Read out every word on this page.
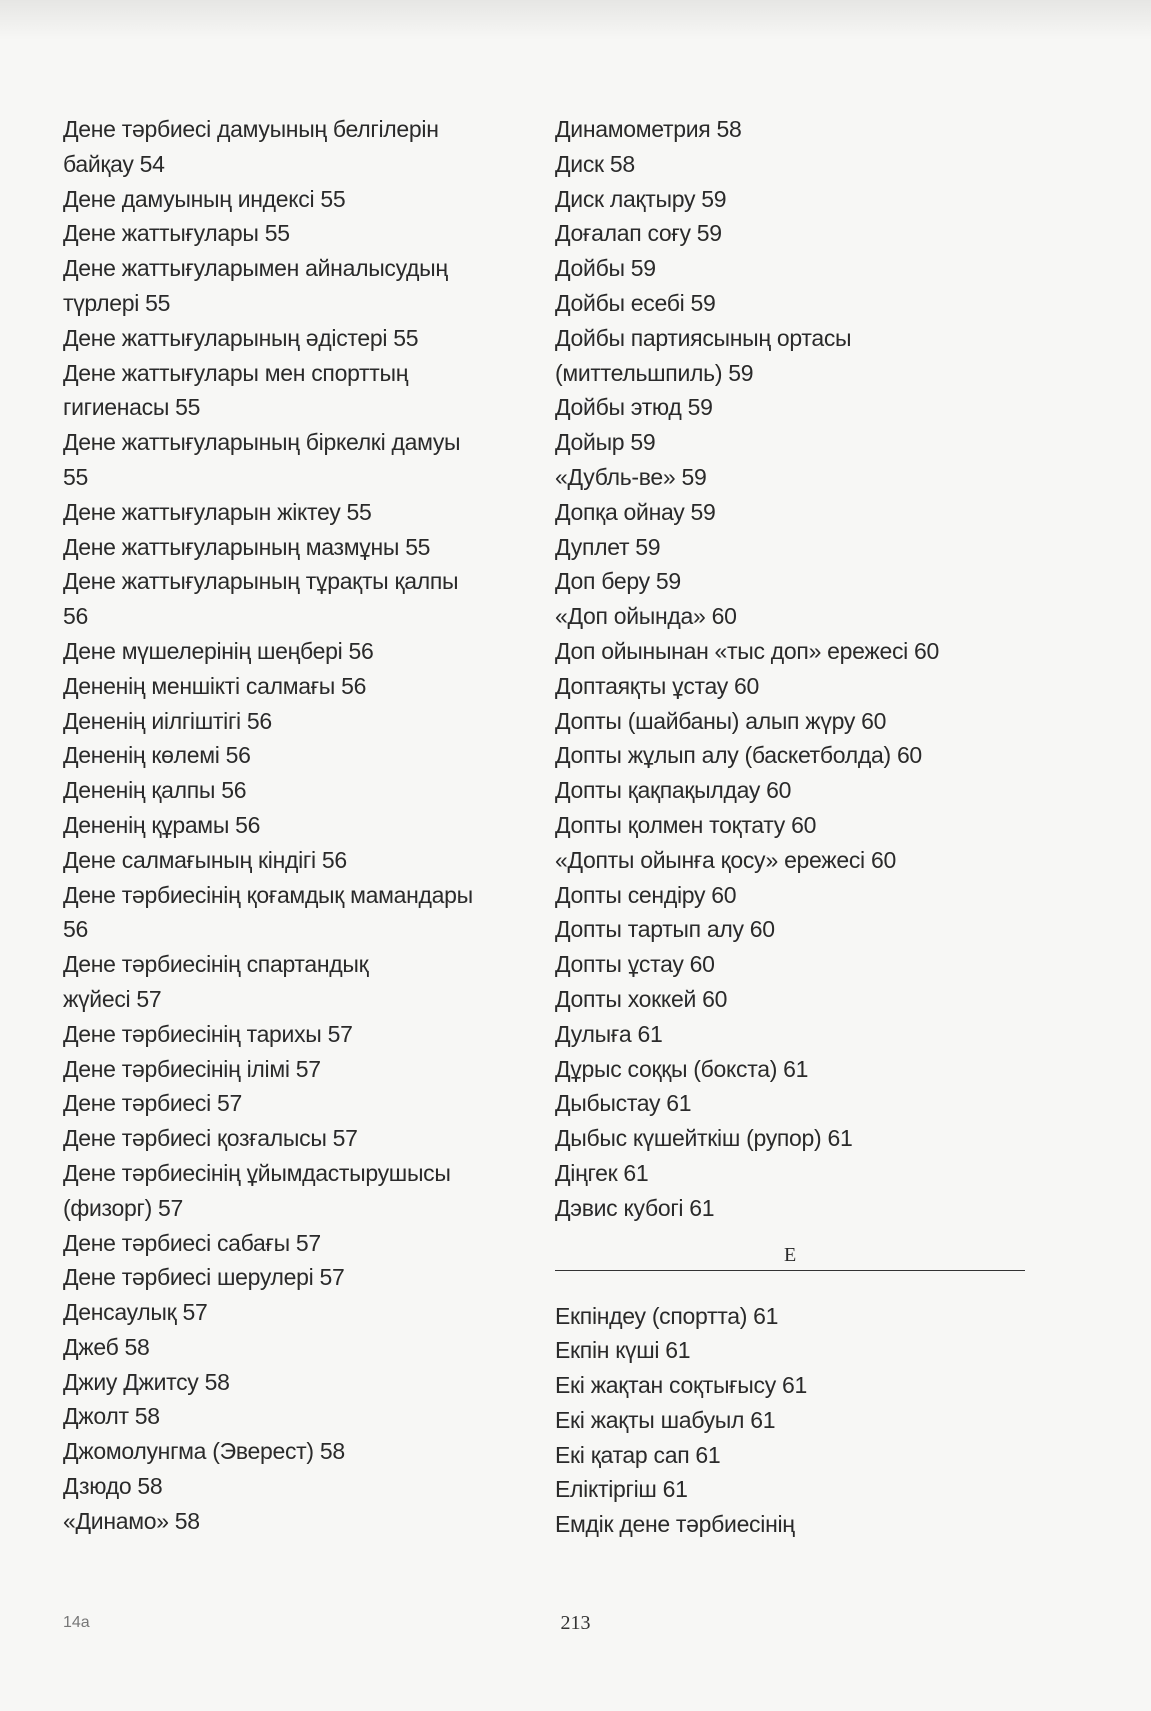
Дене тәрбиесі дамуының белгілерін
байқау 54
Дене дамуының индексі 55
Дене жаттығулары 55
Дене жаттығуларымен айналысудың
түрлері 55
Дене жаттығуларының әдістері 55
Дене жаттығулары мен спорттың
гигиенасы 55
Дене жаттығуларының біркелкі дамуы
55
Дене жаттығуларын жіктеу 55
Дене жаттығуларының мазмұны 55
Дене жаттығуларының тұрақты қалпы
56
Дене мүшелерінің шеңбері 56
Дененің меншікті салмағы 56
Дененің иілгіштігі 56
Дененің көлемі 56
Дененің қалпы 56
Дененің құрамы 56
Дене салмағының кіндігі 56
Дене тәрбиесінің қоғамдық мамандары
56
Дене тәрбиесінің спартандық
жүйесі 57
Дене тәрбиесінің тарихы 57
Дене тәрбиесінің ілімі 57
Дене тәрбиесі 57
Дене тәрбиесі қозғалысы 57
Дене тәрбиесінің ұйымдастырушысы
(физорг) 57
Дене тәрбиесі сабағы 57
Дене тәрбиесі шерулері 57
Денсаулық 57
Джеб 58
Джиу Джитсу 58
Джолт 58
Джомолунгма (Эверест) 58
Дзюдо 58
«Динамо» 58
Динамометрия 58
Диск 58
Диск лақтыру 59
Доғалап соғу 59
Дойбы 59
Дойбы есебі 59
Дойбы партиясының ортасы
(миттельшпиль) 59
Дойбы этюд 59
Дойыр 59
«Дубль-ве» 59
Допқа ойнау 59
Дуплет 59
Доп беру 59
«Доп ойында» 60
Доп ойынынан «тыс доп» ережесі 60
Доптаяқты ұстау 60
Допты (шайбаны) алып жүру 60
Допты жұлып алу (баскетболда) 60
Допты қақпақылдау 60
Допты қолмен тоқтату 60
«Допты ойынға қосу» ережесі 60
Допты сендіру 60
Допты тартып алу 60
Допты ұстау 60
Допты хоккей 60
Дулыға 61
Дұрыс соққы (бокста) 61
Дыбыстау 61
Дыбыс күшейткіш (рупор) 61
Діңгек 61
Дэвис кубогі 61
Е
Екпіндеу (спортта) 61
Екпін күші 61
Екі жақтан соқтығысу 61
Екі жақты шабуыл 61
Екі қатар сап 61
Еліктіргіш 61
Емдік дене тәрбиесінің
14а	213
